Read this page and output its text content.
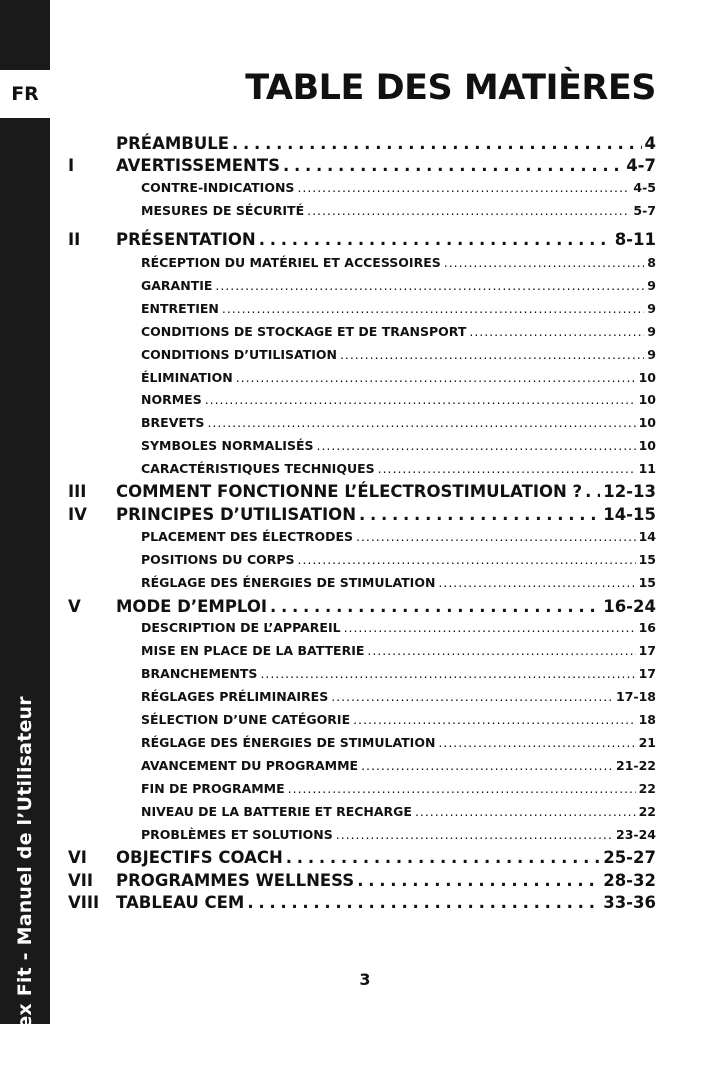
FR
Compex Fit - Manuel de l’Utilisateur
TABLE DES MATIÈRES
PRÉAMBULE . . .	4
I	AVERTISSEMENTS . . .	4-7
CONTRE-INDICATIONS . . .	4-5
MESURES DE SÉCURITÉ . . .	5-7
II PRÉSENTATION . . .	8-11
RÉCEPTION DU MATÉRIEL ET ACCESSOIRES . . .	8
GARANTIE . . .	9
ENTRETIEN . . .	9
CONDITIONS DE STOCKAGE ET DE TRANSPORT . . .	9
CONDITIONS D’UTILISATION . . .	9
ÉLIMINATION . . .	10
NORMES . . .	10
BREVETS . . .	10
SYMBOLES NORMALISÉS . . .	10
CARACTÉRISTIQUES TECHNIQUES . . .	11
III COMMENT FONCTIONNE L’ÉLECTROSTIMULATION ? . . . 12-13
IV PRINCIPES D’UTILISATION . . .	14-15
PLACEMENT DES ÉLECTRODES . . .	14
POSITIONS DU CORPS . . .	15
RÉGLAGE DES ÉNERGIES DE STIMULATION . . .	15
V MODE D’EMPLOI . . .	16-24
DESCRIPTION DE L’APPAREIL . . .	16
MISE EN PLACE DE LA BATTERIE . . .	17
BRANCHEMENTS . . .	17
RÉGLAGES PRÉLIMINAIRES . . .	17-18
SÉLECTION D’UNE CATÉGORIE . . .	18
RÉGLAGE DES ÉNERGIES DE STIMULATION . . .	21
AVANCEMENT DU PROGRAMME . . .	21-22
FIN DE PROGRAMME . . .	22
NIVEAU DE LA BATTERIE ET RECHARGE . . .	22
PROBLÈMES ET SOLUTIONS . . .	23-24
VI OBJECTIFS COACH . . .	25-27
VII PROGRAMMES WELLNESS . . .	28-32
VIII TABLEAU CEM . . .	33-36
3
